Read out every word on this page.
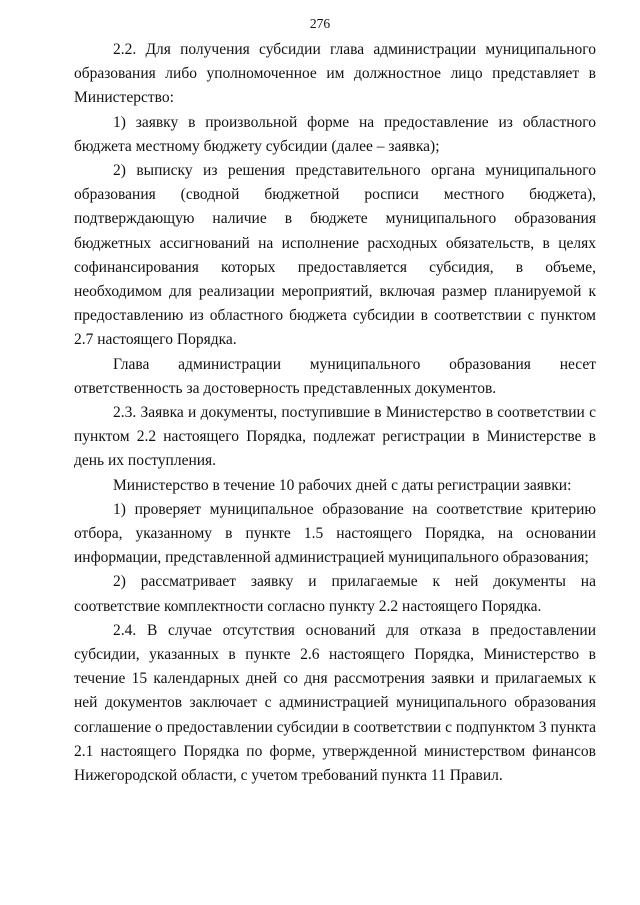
276

2.2. Для получения субсидии глава администрации муниципального образования либо уполномоченное им должностное лицо представляет в Министерство:

1) заявку в произвольной форме на предоставление из областного бюджета местному бюджету субсидии (далее – заявка);

2) выписку из решения представительного органа муниципального образования (сводной бюджетной росписи местного бюджета), подтверждающую наличие в бюджете муниципального образования бюджетных ассигнований на исполнение расходных обязательств, в целях софинансирования которых предоставляется субсидия, в объеме, необходимом для реализации мероприятий, включая размер планируемой к предоставлению из областного бюджета субсидии в соответствии с пунктом 2.7 настоящего Порядка.

Глава администрации муниципального образования несет ответственность за достоверность представленных документов.

2.3. Заявка и документы, поступившие в Министерство в соответствии с пунктом 2.2 настоящего Порядка, подлежат регистрации в Министерстве в день их поступления.

Министерство в течение 10 рабочих дней с даты регистрации заявки:

1) проверяет муниципальное образование на соответствие критерию отбора, указанному в пункте 1.5 настоящего Порядка, на основании информации, представленной администрацией муниципального образования;

2) рассматривает заявку и прилагаемые к ней документы на соответствие комплектности согласно пункту 2.2 настоящего Порядка.

2.4. В случае отсутствия оснований для отказа в предоставлении субсидии, указанных в пункте 2.6 настоящего Порядка, Министерство в течение 15 календарных дней со дня рассмотрения заявки и прилагаемых к ней документов заключает с администрацией муниципального образования соглашение о предоставлении субсидии в соответствии с подпунктом 3 пункта 2.1 настоящего Порядка по форме, утвержденной министерством финансов Нижегородской области, с учетом требований пункта 11 Правил.
